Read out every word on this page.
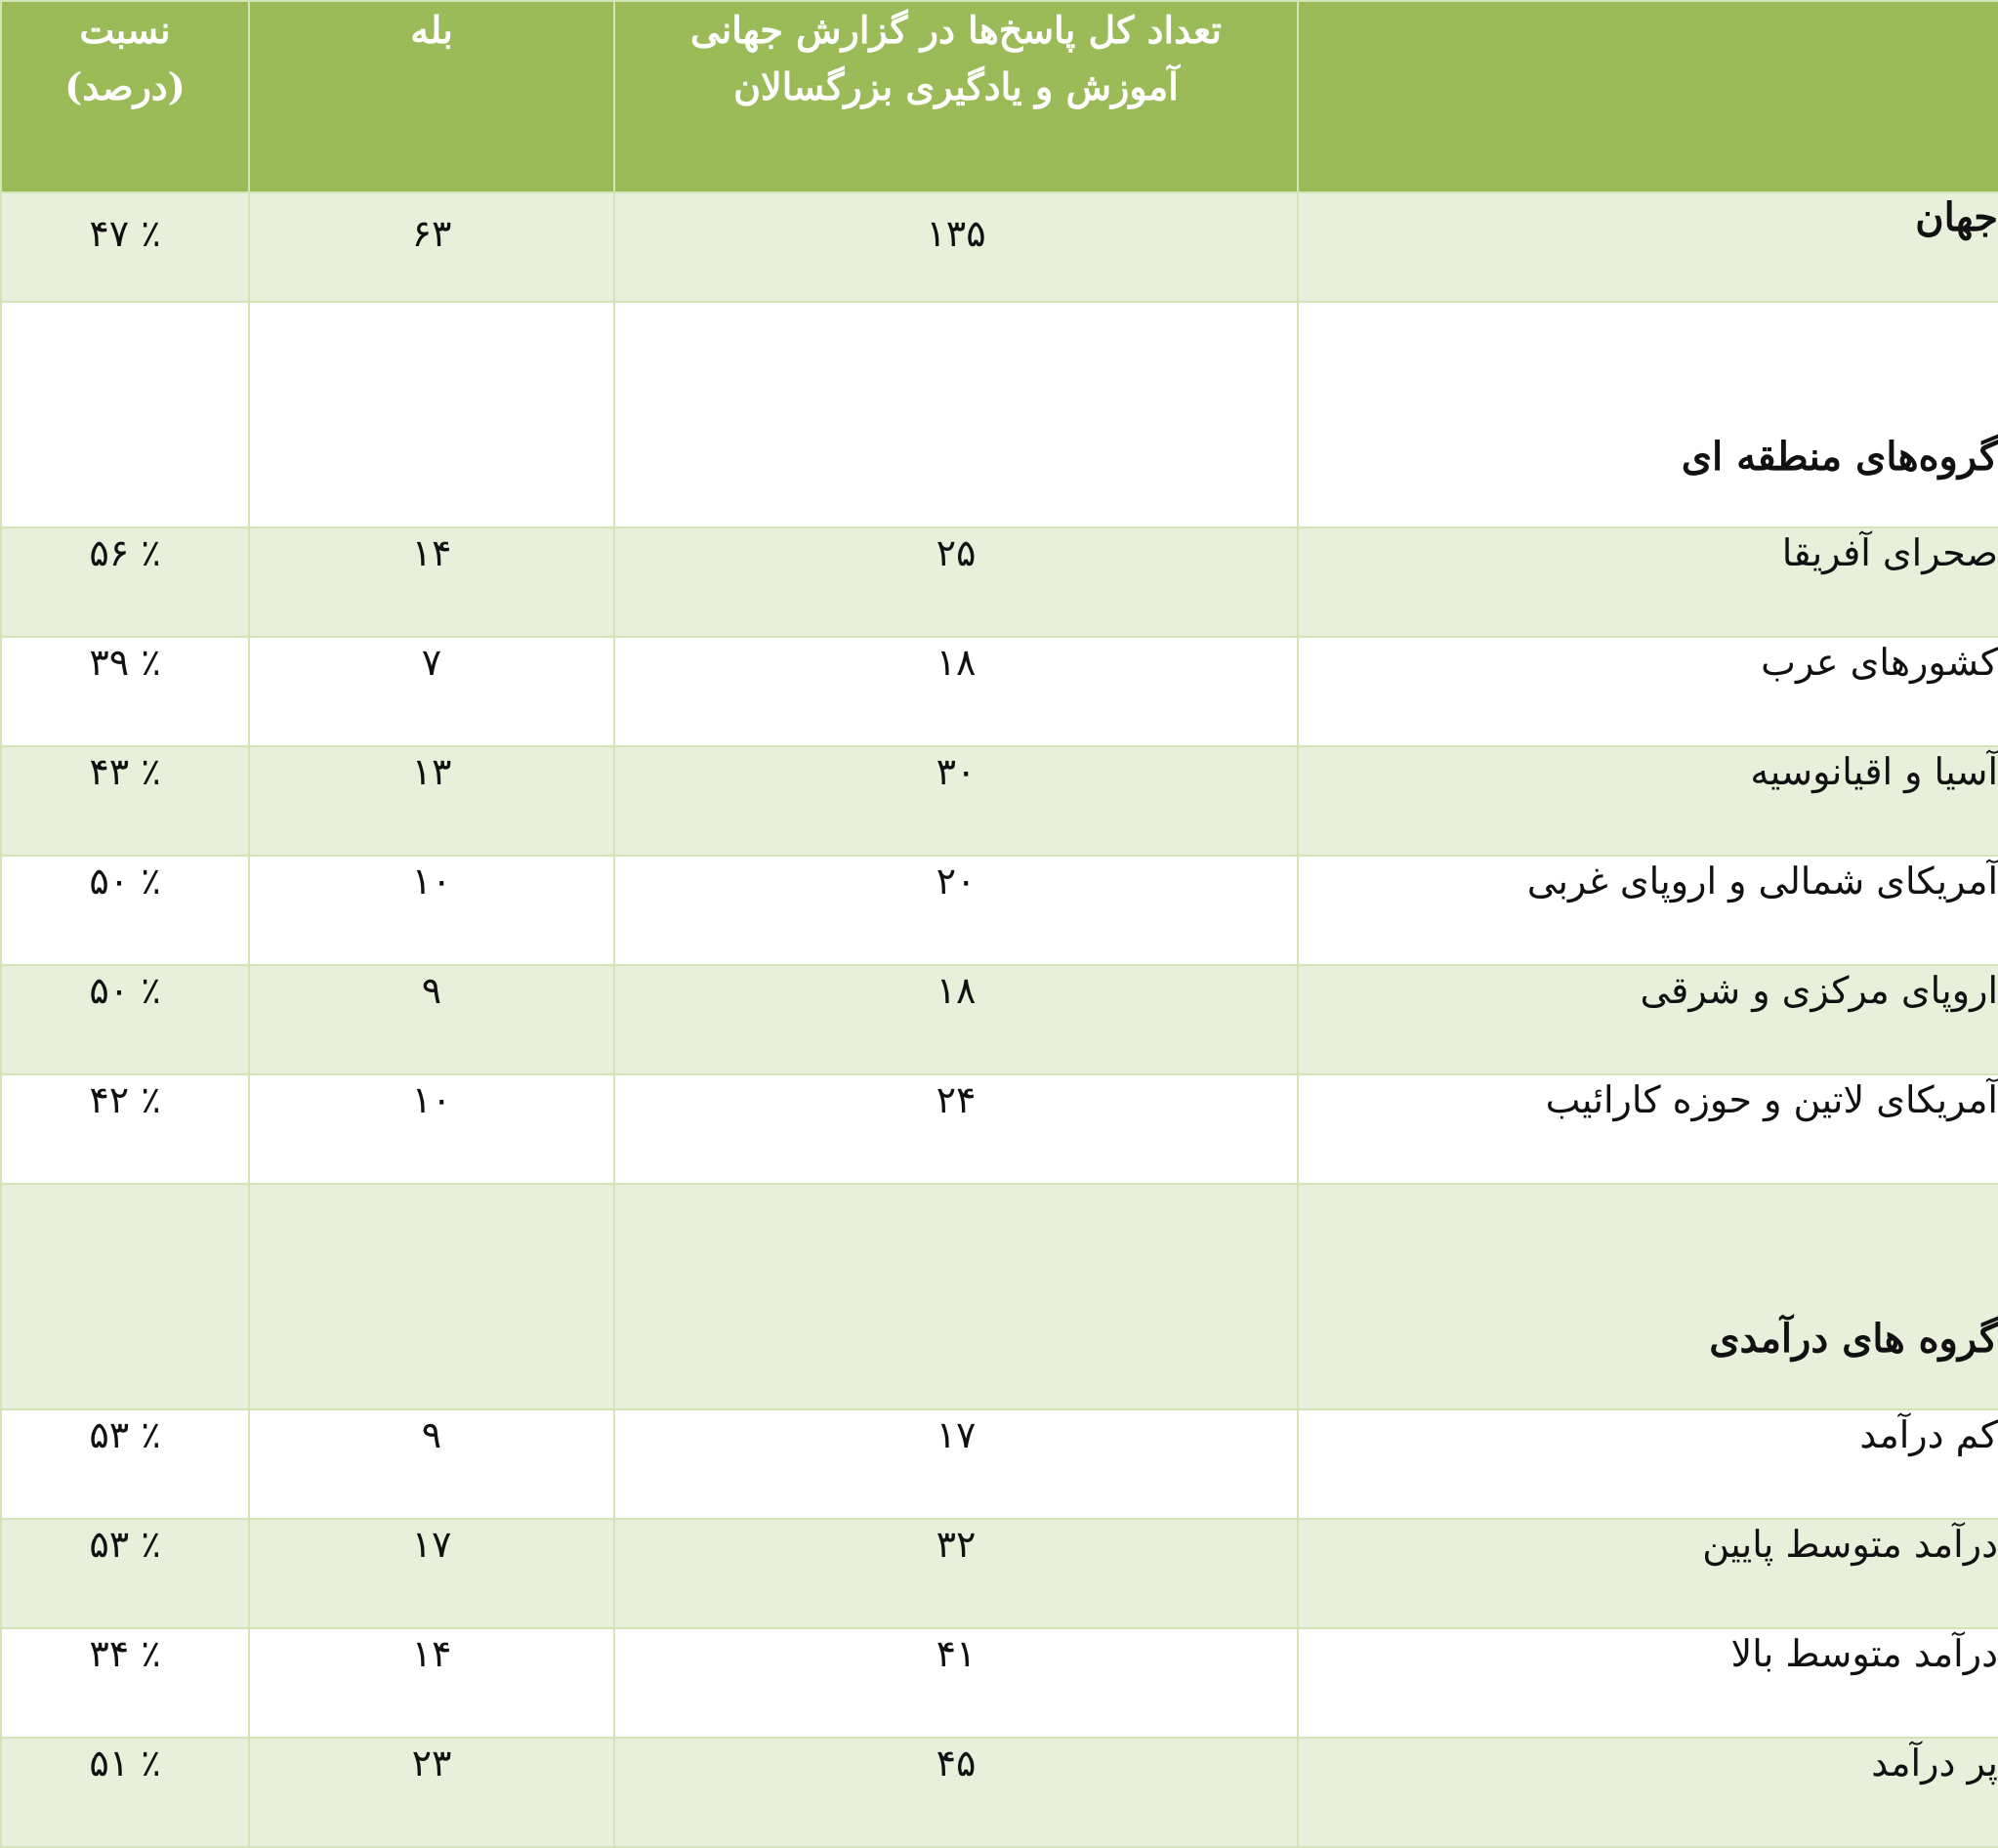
	تعداد کل پاسخ‌ها در گزارش جهانی آموزش و یادگیری بزرگسالان	بله	نسبت
(درصد)

جهان	۱۳۵	۶۳	٪ ۴۷
گروه‌های منطقه ای			
صحرای آفریقا	۲۵	۱۴	٪ ۵۶
کشورهای عرب	۱۸	۷	٪ ۳۹
آسیا و اقیانوسیه	۳۰	۱۳	٪ ۴۳
آمریکای شمالی و اروپای غربی	۲۰	۱۰	٪ ۵۰
اروپای مرکزی و شرقی	۱۸	۹	٪ ۵۰
آمریکای لاتین و حوزه کارائیب	۲۴	۱۰	٪ ۴۲
گروه های درآمدی			
کم درآمد	۱۷	۹	٪ ۵۳
درآمد متوسط پایین	۳۲	۱۷	٪ ۵۳
درآمد متوسط بالا	۴۱	۱۴	٪ ۳۴
پر درآمد	۴۵	۲۳	٪ ۵۱
